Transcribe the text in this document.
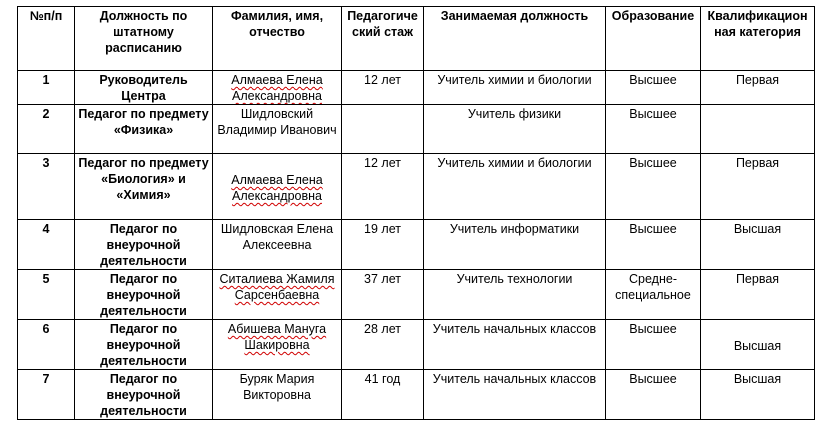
№п/п	Должность по штатному расписанию	Фамилия, имя, отчество	Педагогический стаж	Занимаемая должность	Образование	Квалификационная категория
1	Руководитель Центра	Алмаева Елена Александровна	12 лет	Учитель химии и биологии	Высшее	Первая
2	Педагог по предмету «Физика»	Шидловский Владимир Иванович		Учитель физики	Высшее	
3	Педагог по предмету «Биология» и «Химия»	Алмаева Елена Александровна	12 лет	Учитель химии и биологии	Высшее	Первая
4	Педагог по внеурочной деятельности	Шидловская Елена Алексеевна	19 лет	Учитель информатики	Высшее	Высшая
5	Педагог по внеурочной деятельности	Ситалиева Жамиля Сарсенбаевна	37 лет	Учитель технологии	Средне-специальное	Первая
6	Педагог по внеурочной деятельности	Абишева Мануга Шакировна	28 лет	Учитель начальных классов	Высшее	Высшая
7	Педагог по внеурочной деятельности	Буряк Мария Викторовна	41 год	Учитель начальных классов	Высшее	Высшая
